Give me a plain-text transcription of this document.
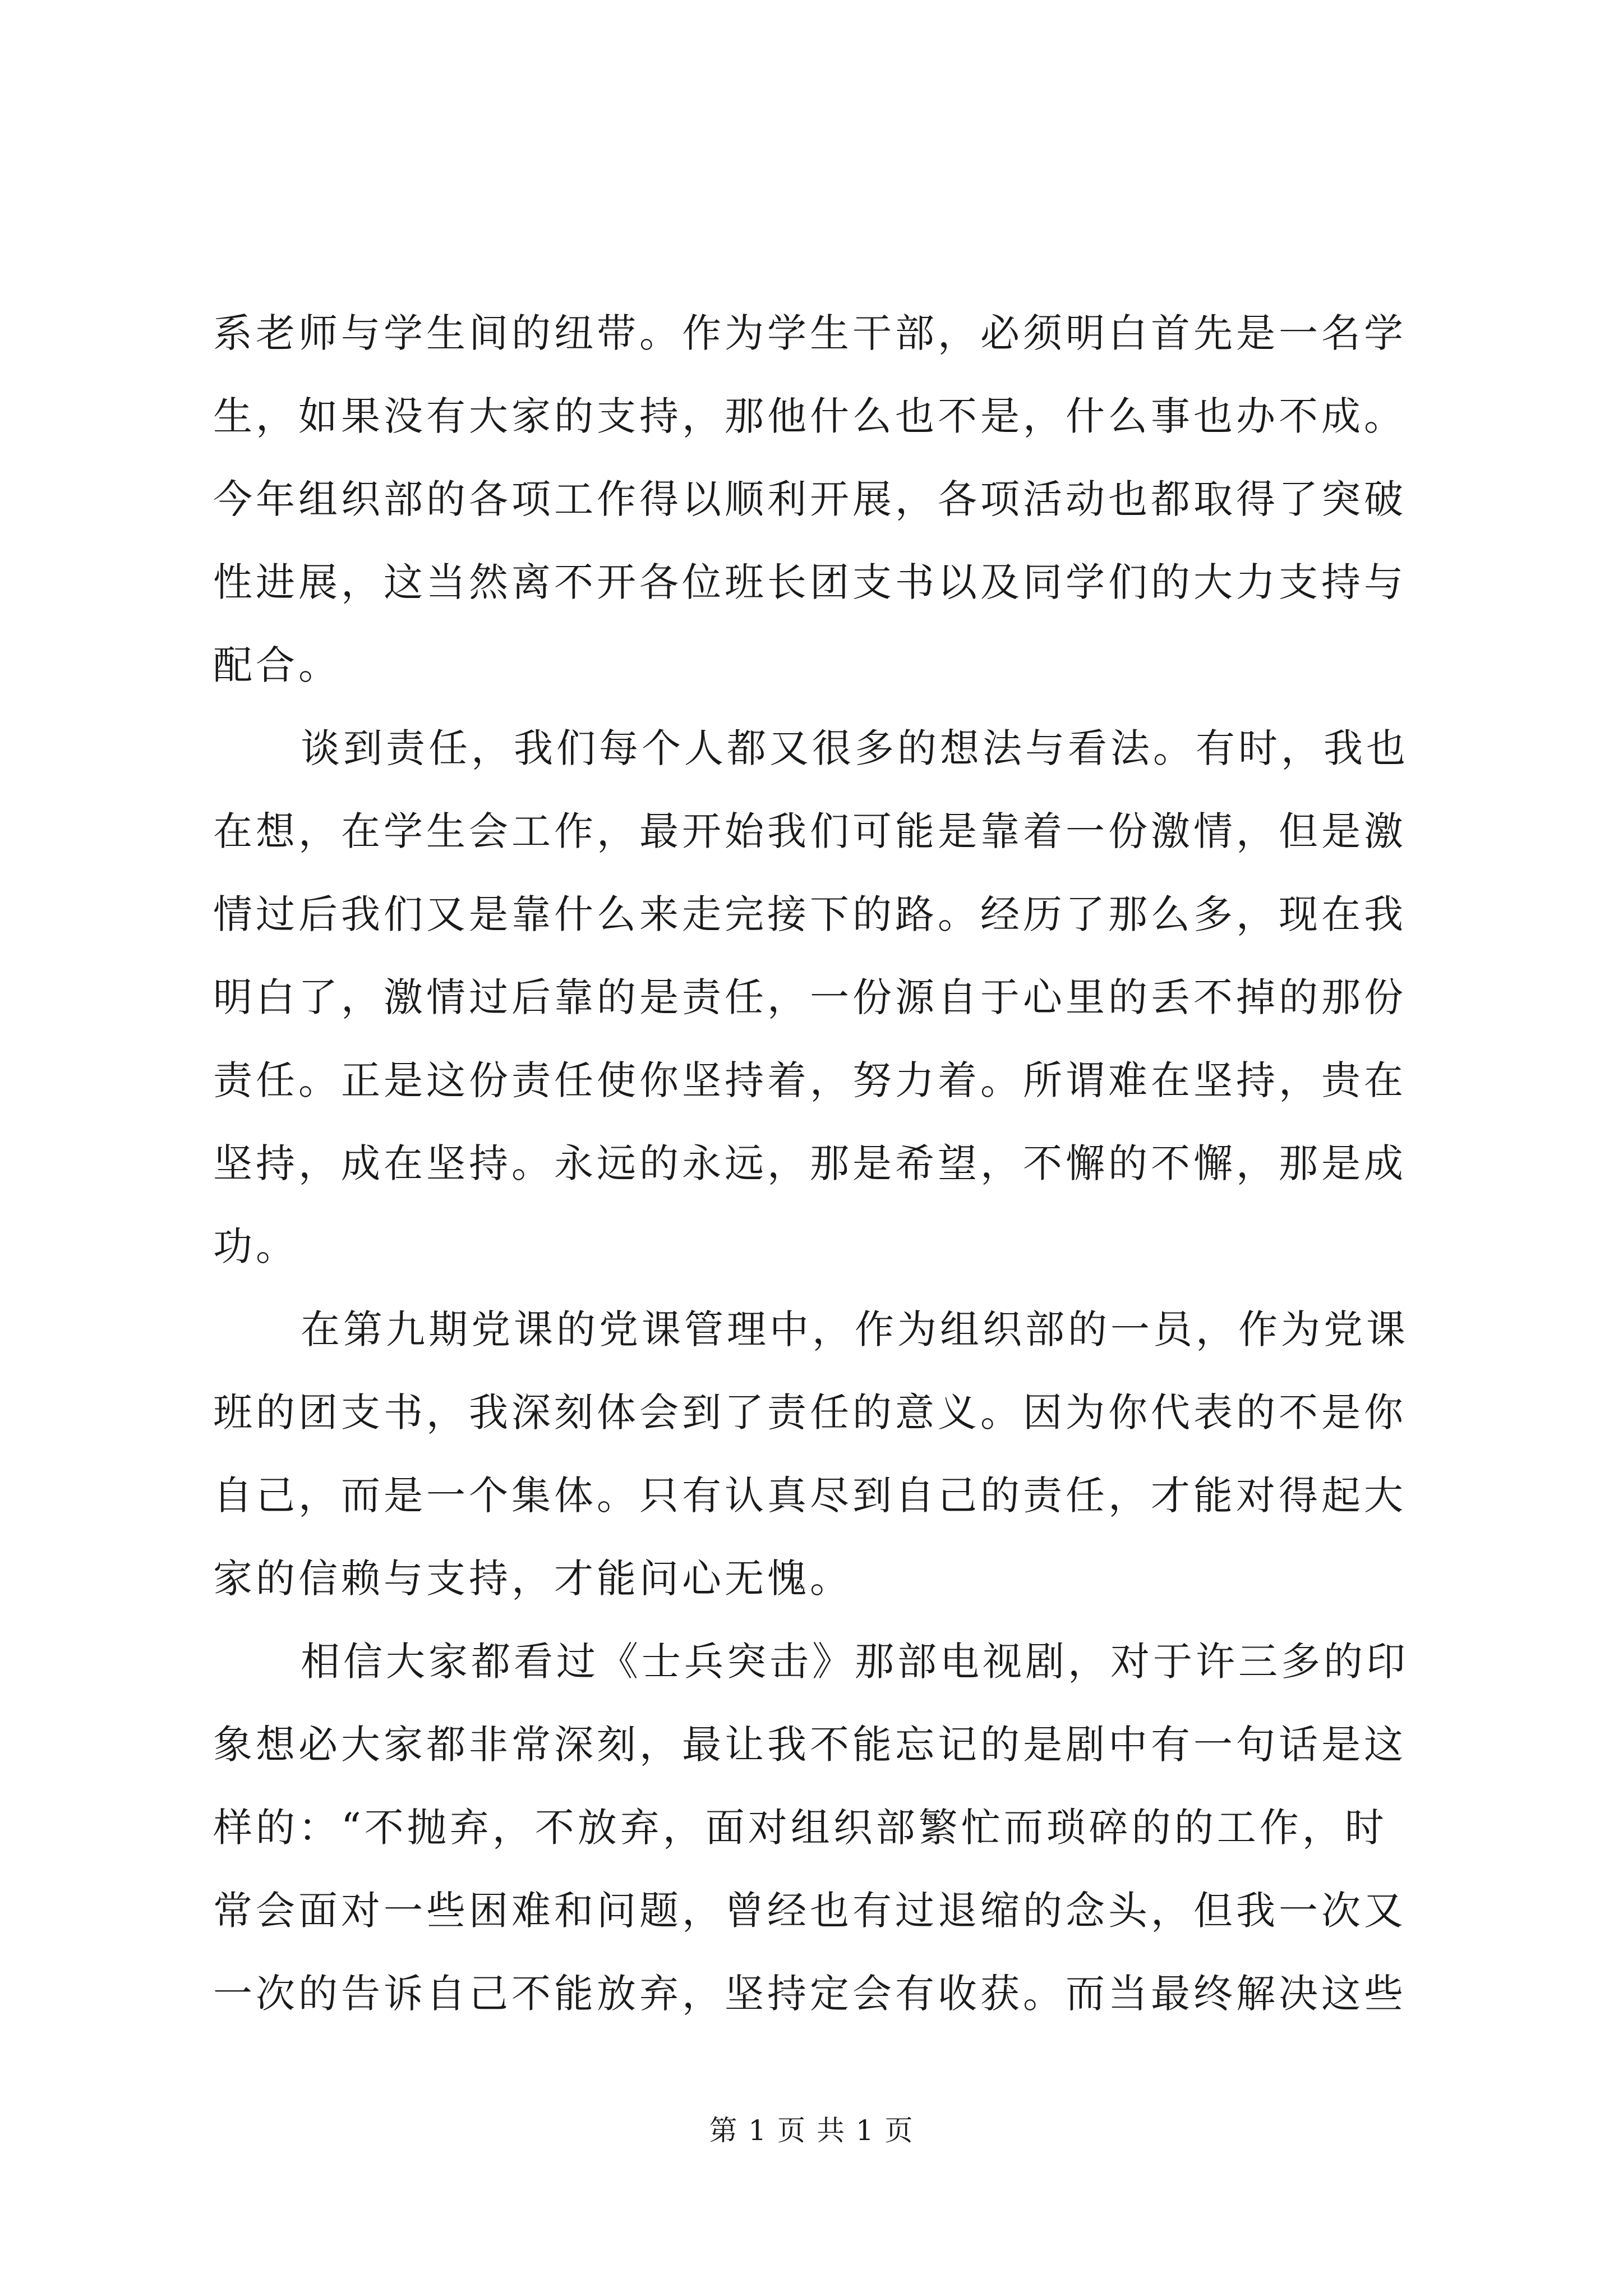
系老师与学生间的纽带。作为学生干部，必须明白首先是一名学
生，如果没有大家的支持，那他什么也不是，什么事也办不成。
今年组织部的各项工作得以顺利开展，各项活动也都取得了突破
性进展，这当然离不开各位班长团支书以及同学们的大力支持与
配合。
谈到责任，我们每个人都又很多的想法与看法。有时，我也
在想，在学生会工作，最开始我们可能是靠着一份激情，但是激
情过后我们又是靠什么来走完接下的路。经历了那么多，现在我
明白了，激情过后靠的是责任，一份源自于心里的丢不掉的那份
责任。正是这份责任使你坚持着，努力着。所谓难在坚持，贵在
坚持，成在坚持。永远的永远，那是希望，不懈的不懈，那是成
功。
在第九期党课的党课管理中，作为组织部的一员，作为党课
班的团支书，我深刻体会到了责任的意义。因为你代表的不是你
自己，而是一个集体。只有认真尽到自己的责任，才能对得起大
家的信赖与支持，才能问心无愧。
相信大家都看过《士兵突击》那部电视剧，对于许三多的印
象想必大家都非常深刻，最让我不能忘记的是剧中有一句话是这
样的：“不抛弃，不放弃，面对组织部繁忙而琐碎的的工作，时
常会面对一些困难和问题，曾经也有过退缩的念头，但我一次又
一次的告诉自己不能放弃，坚持定会有收获。而当最终解决这些
第 1 页 共 1 页
